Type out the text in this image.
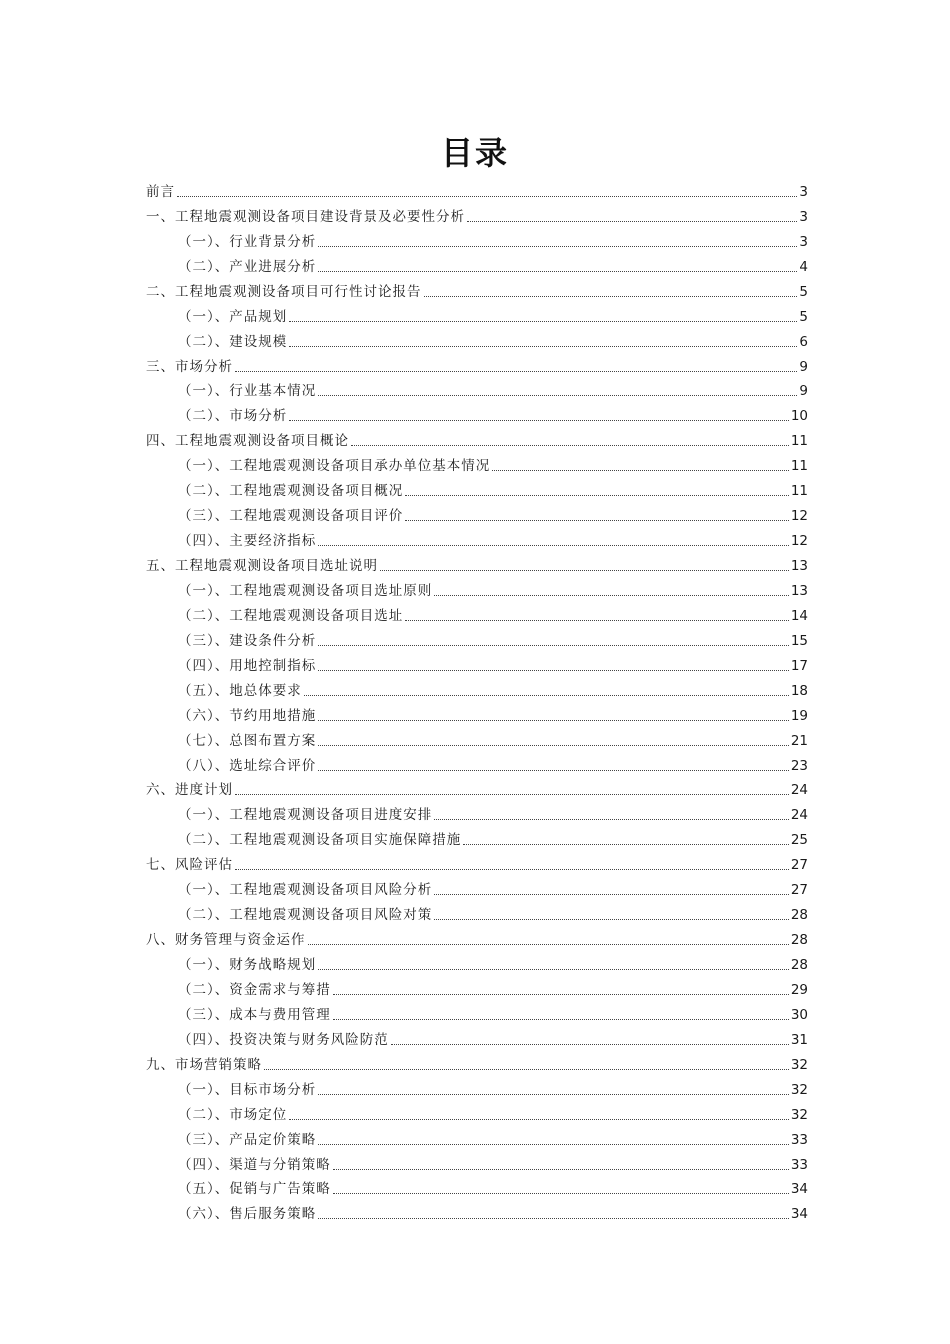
目录
前言	3
一、工程地震观测设备项目建设背景及必要性分析	3
（一）、行业背景分析	3
（二）、产业进展分析	4
二、工程地震观测设备项目可行性讨论报告	5
（一）、产品规划	5
（二）、建设规模	6
三、市场分析	9
（一）、行业基本情况	9
（二）、市场分析	10
四、工程地震观测设备项目概论	11
（一）、工程地震观测设备项目承办单位基本情况	11
（二）、工程地震观测设备项目概况	11
（三）、工程地震观测设备项目评价	12
（四）、主要经济指标	12
五、工程地震观测设备项目选址说明	13
（一）、工程地震观测设备项目选址原则	13
（二）、工程地震观测设备项目选址	14
（三）、建设条件分析	15
（四）、用地控制指标	17
（五）、地总体要求	18
（六）、节约用地措施	19
（七）、总图布置方案	21
（八）、选址综合评价	23
六、进度计划	24
（一）、工程地震观测设备项目进度安排	24
（二）、工程地震观测设备项目实施保障措施	25
七、风险评估	27
（一）、工程地震观测设备项目风险分析	27
（二）、工程地震观测设备项目风险对策	28
八、财务管理与资金运作	28
（一）、财务战略规划	28
（二）、资金需求与筹措	29
（三）、成本与费用管理	30
（四）、投资决策与财务风险防范	31
九、市场营销策略	32
（一）、目标市场分析	32
（二）、市场定位	32
（三）、产品定价策略	33
（四）、渠道与分销策略	33
（五）、促销与广告策略	34
（六）、售后服务策略	34
